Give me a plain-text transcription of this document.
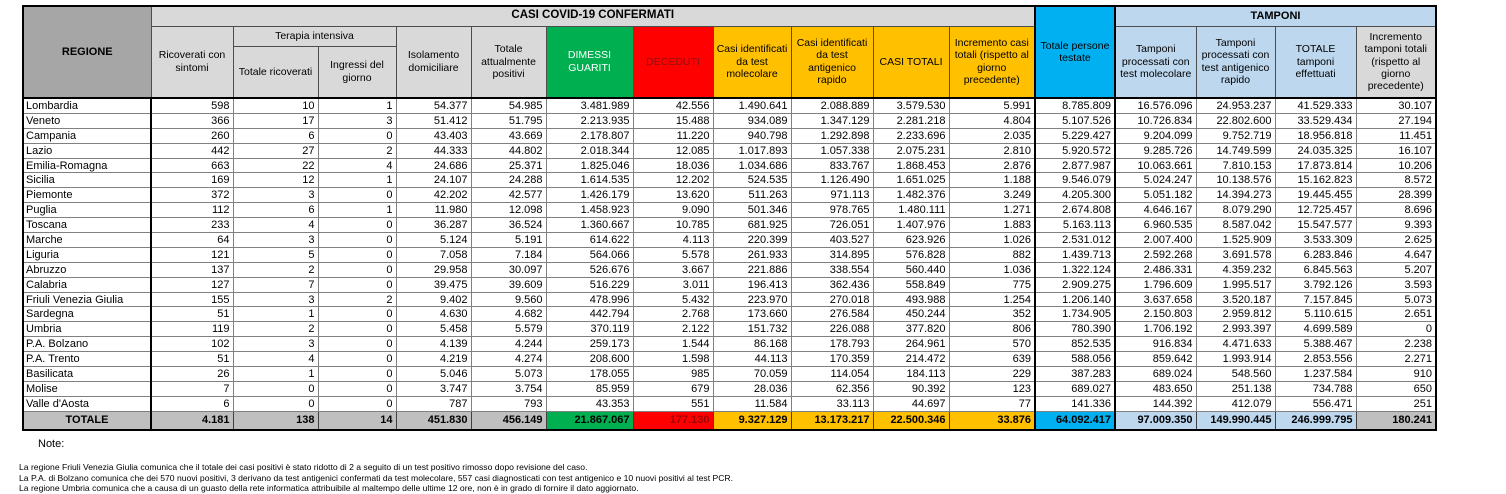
REGIONE	CASI COVID-19 CONFERMATI											Totale persone testate	TAMPONI			
	Ricoverati con sintomi	Terapia intensiva		Isolamento domiciliare	Totale attualmente positivi	DIMESSI GUARITI	DECEDUTI	Casi identificati da test molecolare	Casi identificati da test antigenico rapido	CASI TOTALI	Incremento casi totali (rispetto al giorno precedente)		Tamponi processati con test molecolare	Tamponi processati con test antigenico rapido	TOTALE tamponi effettuati	Incremento tamponi totali (rispetto al giorno precedente)
		Totale ricoverati	Ingressi del giorno													
Lombardia	598	10	1	54.377	54.985	3.481.989	42.556	1.490.641	2.088.889	3.579.530	5.991	8.785.809	16.576.096	24.953.237	41.529.333	30.107
Veneto	366	17	3	51.412	51.795	2.213.935	15.488	934.089	1.347.129	2.281.218	4.804	5.107.526	10.726.834	22.802.600	33.529.434	27.194
Campania	260	6	0	43.403	43.669	2.178.807	11.220	940.798	1.292.898	2.233.696	2.035	5.229.427	9.204.099	9.752.719	18.956.818	11.451
Lazio	442	27	2	44.333	44.802	2.018.344	12.085	1.017.893	1.057.338	2.075.231	2.810	5.920.572	9.285.726	14.749.599	24.035.325	16.107
Emilia-Romagna	663	22	4	24.686	25.371	1.825.046	18.036	1.034.686	833.767	1.868.453	2.876	2.877.987	10.063.661	7.810.153	17.873.814	10.206
Sicilia	169	12	1	24.107	24.288	1.614.535	12.202	524.535	1.126.490	1.651.025	1.188	9.546.079	5.024.247	10.138.576	15.162.823	8.572
Piemonte	372	3	0	42.202	42.577	1.426.179	13.620	511.263	971.113	1.482.376	3.249	4.205.300	5.051.182	14.394.273	19.445.455	28.399
Puglia	112	6	1	11.980	12.098	1.458.923	9.090	501.346	978.765	1.480.111	1.271	2.674.808	4.646.167	8.079.290	12.725.457	8.696
Toscana	233	4	0	36.287	36.524	1.360.667	10.785	681.925	726.051	1.407.976	1.883	5.163.113	6.960.535	8.587.042	15.547.577	9.393
Marche	64	3	0	5.124	5.191	614.622	4.113	220.399	403.527	623.926	1.026	2.531.012	2.007.400	1.525.909	3.533.309	2.625
Liguria	121	5	0	7.058	7.184	564.066	5.578	261.933	314.895	576.828	882	1.439.713	2.592.268	3.691.578	6.283.846	4.647
Abruzzo	137	2	0	29.958	30.097	526.676	3.667	221.886	338.554	560.440	1.036	1.322.124	2.486.331	4.359.232	6.845.563	5.207
Calabria	127	7	0	39.475	39.609	516.229	3.011	196.413	362.436	558.849	775	2.909.275	1.796.609	1.995.517	3.792.126	3.593
Friuli Venezia Giulia	155	3	2	9.402	9.560	478.996	5.432	223.970	270.018	493.988	1.254	1.206.140	3.637.658	3.520.187	7.157.845	5.073
Sardegna	51	1	0	4.630	4.682	442.794	2.768	173.660	276.584	450.244	352	1.734.905	2.150.803	2.959.812	5.110.615	2.651
Umbria	119	2	0	5.458	5.579	370.119	2.122	151.732	226.088	377.820	806	780.390	1.706.192	2.993.397	4.699.589	0
P.A. Bolzano	102	3	0	4.139	4.244	259.173	1.544	86.168	178.793	264.961	570	852.535	916.834	4.471.633	5.388.467	2.238
P.A. Trento	51	4	0	4.219	4.274	208.600	1.598	44.113	170.359	214.472	639	588.056	859.642	1.993.914	2.853.556	2.271
Basilicata	26	1	0	5.046	5.073	178.055	985	70.059	114.054	184.113	229	387.283	689.024	548.560	1.237.584	910
Molise	7	0	0	3.747	3.754	85.959	679	28.036	62.356	90.392	123	689.027	483.650	251.138	734.788	650
Valle d'Aosta	6	0	0	787	793	43.353	551	11.584	33.113	44.697	77	141.336	144.392	412.079	556.471	251
TOTALE	4.181	138	14	451.830	456.149	21.867.067	177.130	9.327.129	13.173.217	22.500.346	33.876	64.092.417	97.009.350	149.990.445	246.999.795	180.241

Note:

La regione Friuli Venezia Giulia comunica che il totale dei casi positivi è stato ridotto di 2 a seguito di un test positivo rimosso dopo revisione del caso.

La P.A. di Bolzano comunica che dei 570 nuovi positivi, 3 derivano da test antigenici confermati da test molecolare, 557 casi diagnosticati con test antigenico e 10 nuovi positivi al test PCR.

La regione Umbria comunica che a causa di un guasto della rete informatica attribuibile al maltempo delle ultime 12 ore, non è in grado di fornire il dato aggiornato.
